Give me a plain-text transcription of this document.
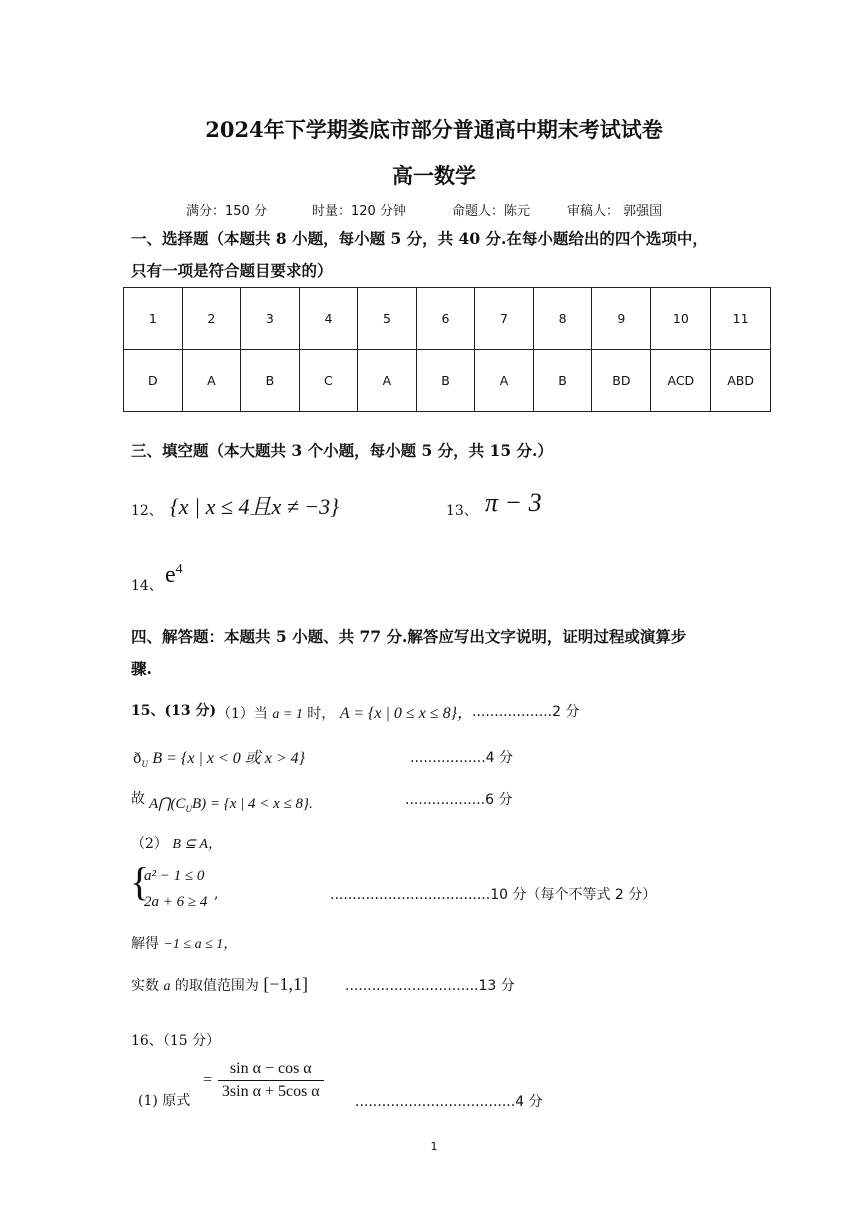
2024年下学期娄底市部分普通高中期末考试试卷
高一数学
满分：150 分	时量：120 分钟	命题人：陈元	审稿人： 郭强国
一、选择题（本题共 8 小题，每小题 5 分，共 40 分.在每小题给出的四个选项中，
只有一项是符合题目要求的）
1	2	3	4	5	6	7	8	9	10	11
D	A	B	C	A	B	A	B	BD	ACD	ABD
三、填空题（本大题共 3 个小题，每小题 5 分，共 15 分.）
12、 {x | x ≤ 4且x ≠ −3}	13、 π − 3
14、 $e^4$
四、解答题：本题共 5 小题、共 77 分.解答应写出文字说明，证明过程或演算步
骤.
15、(13 分) （1）当 a = 1 时， A = {x | 0 ≤ x ≤ 8}， ..................2 分
$ð_U$ B = {x | x < 0 或 x > 4}	.................4 分
故 $A⋂(C_UB) = \{x$ | 4 < x ≤ 8}.	..................6 分
（2） B ⊆ A，
{
a² − 1 ≤ 0
2a + 6 ≥ 4 ,	....................................10 分（每个不等式 2 分）
解得 −1 ≤ a ≤ 1，
实数 a 的取值范围为 [−1,1]	..............................13 分
16、（15 分）
(1) 原式
= $\frac{\text{sin α − cos α}}{\text{3sin α + 5cos α}}$
....................................4 分
1
